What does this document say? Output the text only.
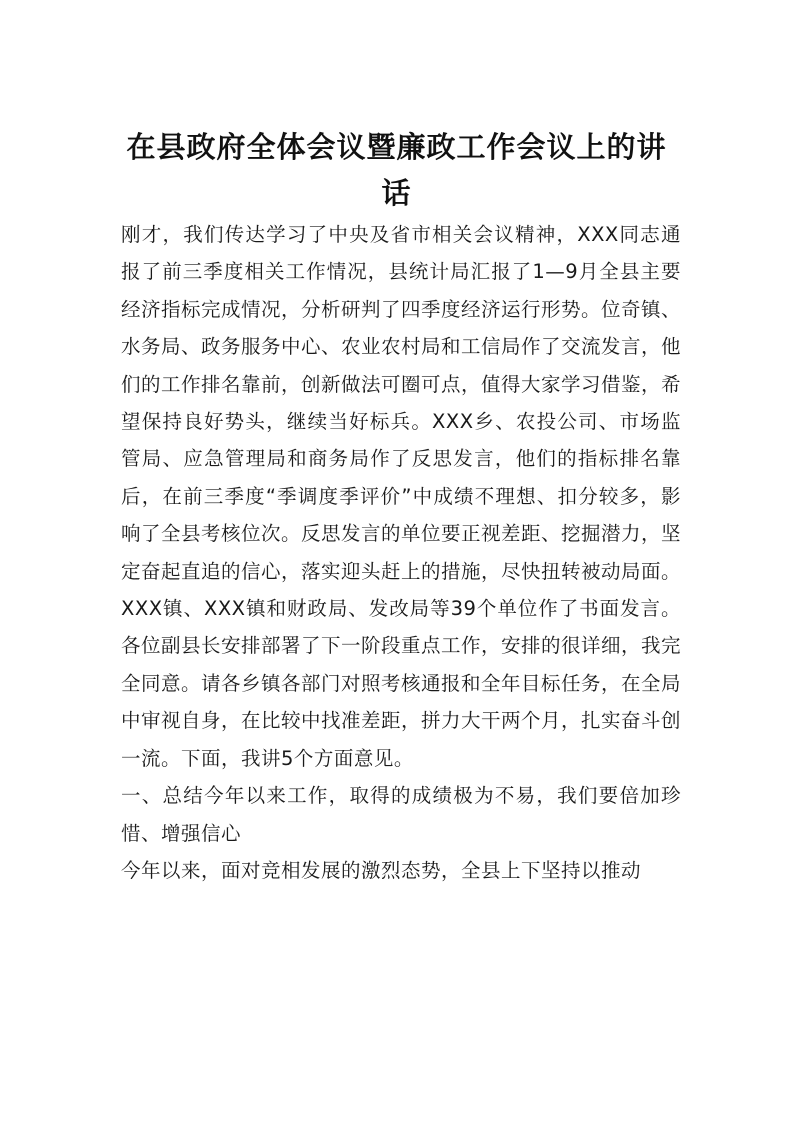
在县政府全体会议暨廉政工作会议上的讲话

刚才，我们传达学习了中央及省市相关会议精神，XXX同志通报了前三季度相关工作情况，县统计局汇报了1—9月全县主要经济指标完成情况，分析研判了四季度经济运行形势。位奇镇、水务局、政务服务中心、农业农村局和工信局作了交流发言，他们的工作排名靠前，创新做法可圈可点，值得大家学习借鉴，希望保持良好势头，继续当好标兵。XXX乡、农投公司、市场监管局、应急管理局和商务局作了反思发言，他们的指标排名靠后，在前三季度“季调度季评价”中成绩不理想、扣分较多，影响了全县考核位次。反思发言的单位要正视差距、挖掘潜力，坚定奋起直追的信心，落实迎头赶上的措施，尽快扭转被动局面。XXX镇、XXX镇和财政局、发改局等39个单位作了书面发言。各位副县长安排部署了下一阶段重点工作，安排的很详细，我完全同意。请各乡镇各部门对照考核通报和全年目标任务，在全局中审视自身，在比较中找准差距，拼力大干两个月，扎实奋斗创一流。下面，我讲5个方面意见。

一、总结今年以来工作，取得的成绩极为不易，我们要倍加珍惜、增强信心

今年以来，面对竞相发展的激烈态势，全县上下坚持以推动
